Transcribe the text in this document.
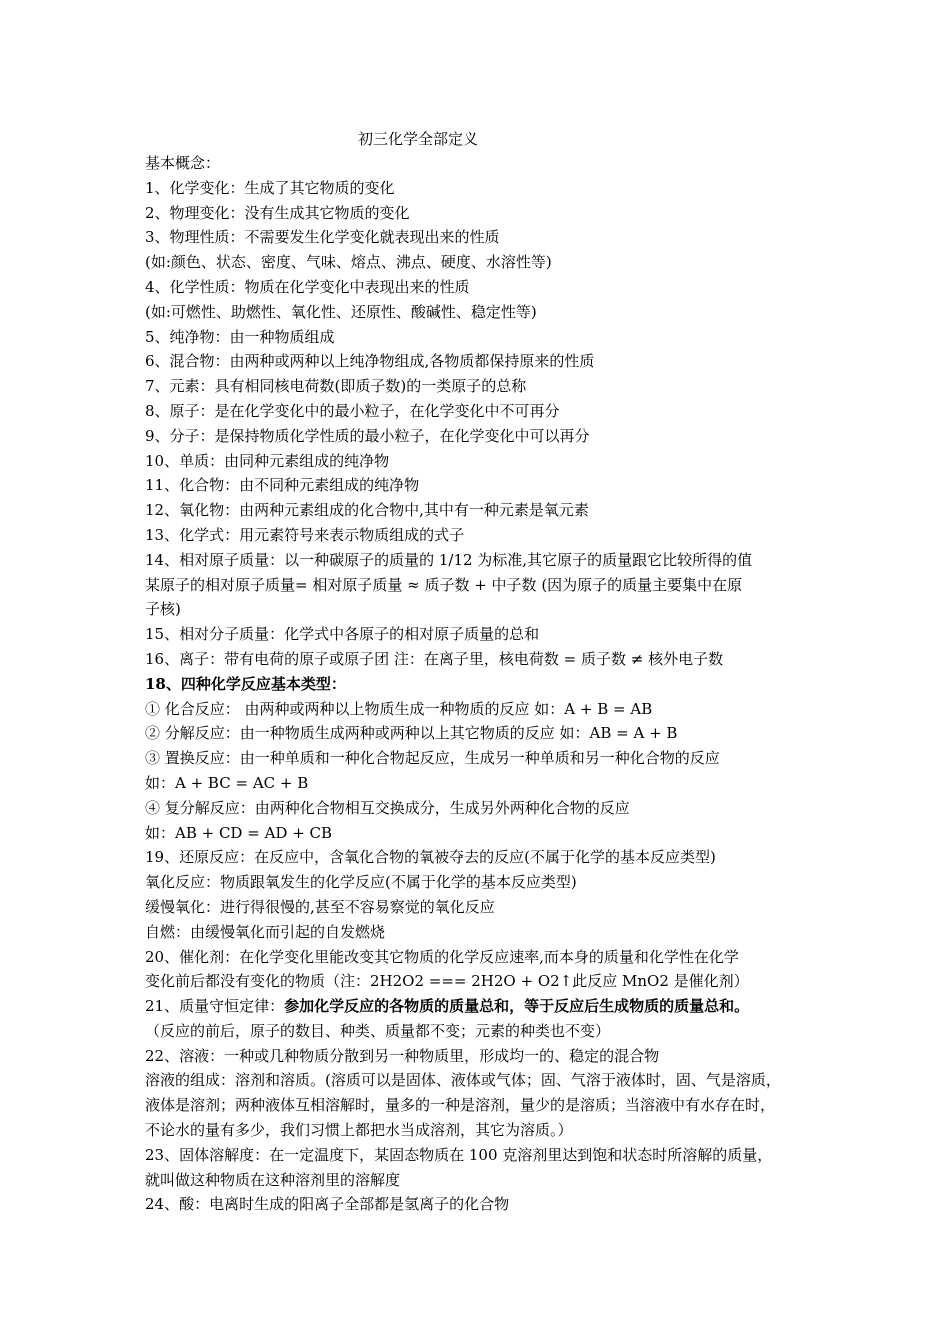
初三化学全部定义
基本概念：
1、化学变化：生成了其它物质的变化
2、物理变化：没有生成其它物质的变化
3、物理性质：不需要发生化学变化就表现出来的性质
(如:颜色、状态、密度、气味、熔点、沸点、硬度、水溶性等)
4、化学性质：物质在化学变化中表现出来的性质
(如:可燃性、助燃性、氧化性、还原性、酸碱性、稳定性等)
5、纯净物：由一种物质组成
6、混合物：由两种或两种以上纯净物组成,各物质都保持原来的性质
7、元素：具有相同核电荷数(即质子数)的一类原子的总称
8、原子：是在化学变化中的最小粒子，在化学变化中不可再分
9、分子：是保持物质化学性质的最小粒子，在化学变化中可以再分
10、单质：由同种元素组成的纯净物
11、化合物：由不同种元素组成的纯净物
12、氧化物：由两种元素组成的化合物中,其中有一种元素是氧元素
13、化学式：用元素符号来表示物质组成的式子
14、相对原子质量：以一种碳原子的质量的 1/12 为标准,其它原子的质量跟它比较所得的值
某原子的相对原子质量= 相对原子质量 ≈ 质子数 + 中子数 (因为原子的质量主要集中在原
子核)
15、相对分子质量：化学式中各原子的相对原子质量的总和
16、离子：带有电荷的原子或原子团 注：在离子里，核电荷数 = 质子数 ≠ 核外电子数
18、四种化学反应基本类型：
① 化合反应： 由两种或两种以上物质生成一种物质的反应 如：A + B = AB
② 分解反应：由一种物质生成两种或两种以上其它物质的反应 如：AB = A + B
③ 置换反应：由一种单质和一种化合物起反应，生成另一种单质和另一种化合物的反应
如：A + BC = AC + B
④ 复分解反应：由两种化合物相互交换成分，生成另外两种化合物的反应
如：AB + CD = AD + CB
19、还原反应：在反应中，含氧化合物的氧被夺去的反应(不属于化学的基本反应类型)
氧化反应：物质跟氧发生的化学反应(不属于化学的基本反应类型)
缓慢氧化：进行得很慢的,甚至不容易察觉的氧化反应
自燃：由缓慢氧化而引起的自发燃烧
20、催化剂：在化学变化里能改变其它物质的化学反应速率,而本身的质量和化学性在化学
变化前后都没有变化的物质（注：2H2O2 === 2H2O + O2↑此反应 MnO2 是催化剂）
21、质量守恒定律：参加化学反应的各物质的质量总和，等于反应后生成物质的质量总和。
（反应的前后，原子的数目、种类、质量都不变；元素的种类也不变）
22、溶液：一种或几种物质分散到另一种物质里，形成均一的、稳定的混合物
溶液的组成：溶剂和溶质。(溶质可以是固体、液体或气体；固、气溶于液体时，固、气是溶质，
液体是溶剂；两种液体互相溶解时，量多的一种是溶剂，量少的是溶质；当溶液中有水存在时，
不论水的量有多少，我们习惯上都把水当成溶剂，其它为溶质。）
23、固体溶解度：在一定温度下，某固态物质在 100 克溶剂里达到饱和状态时所溶解的质量，
就叫做这种物质在这种溶剂里的溶解度
24、酸：电离时生成的阳离子全部都是氢离子的化合物
